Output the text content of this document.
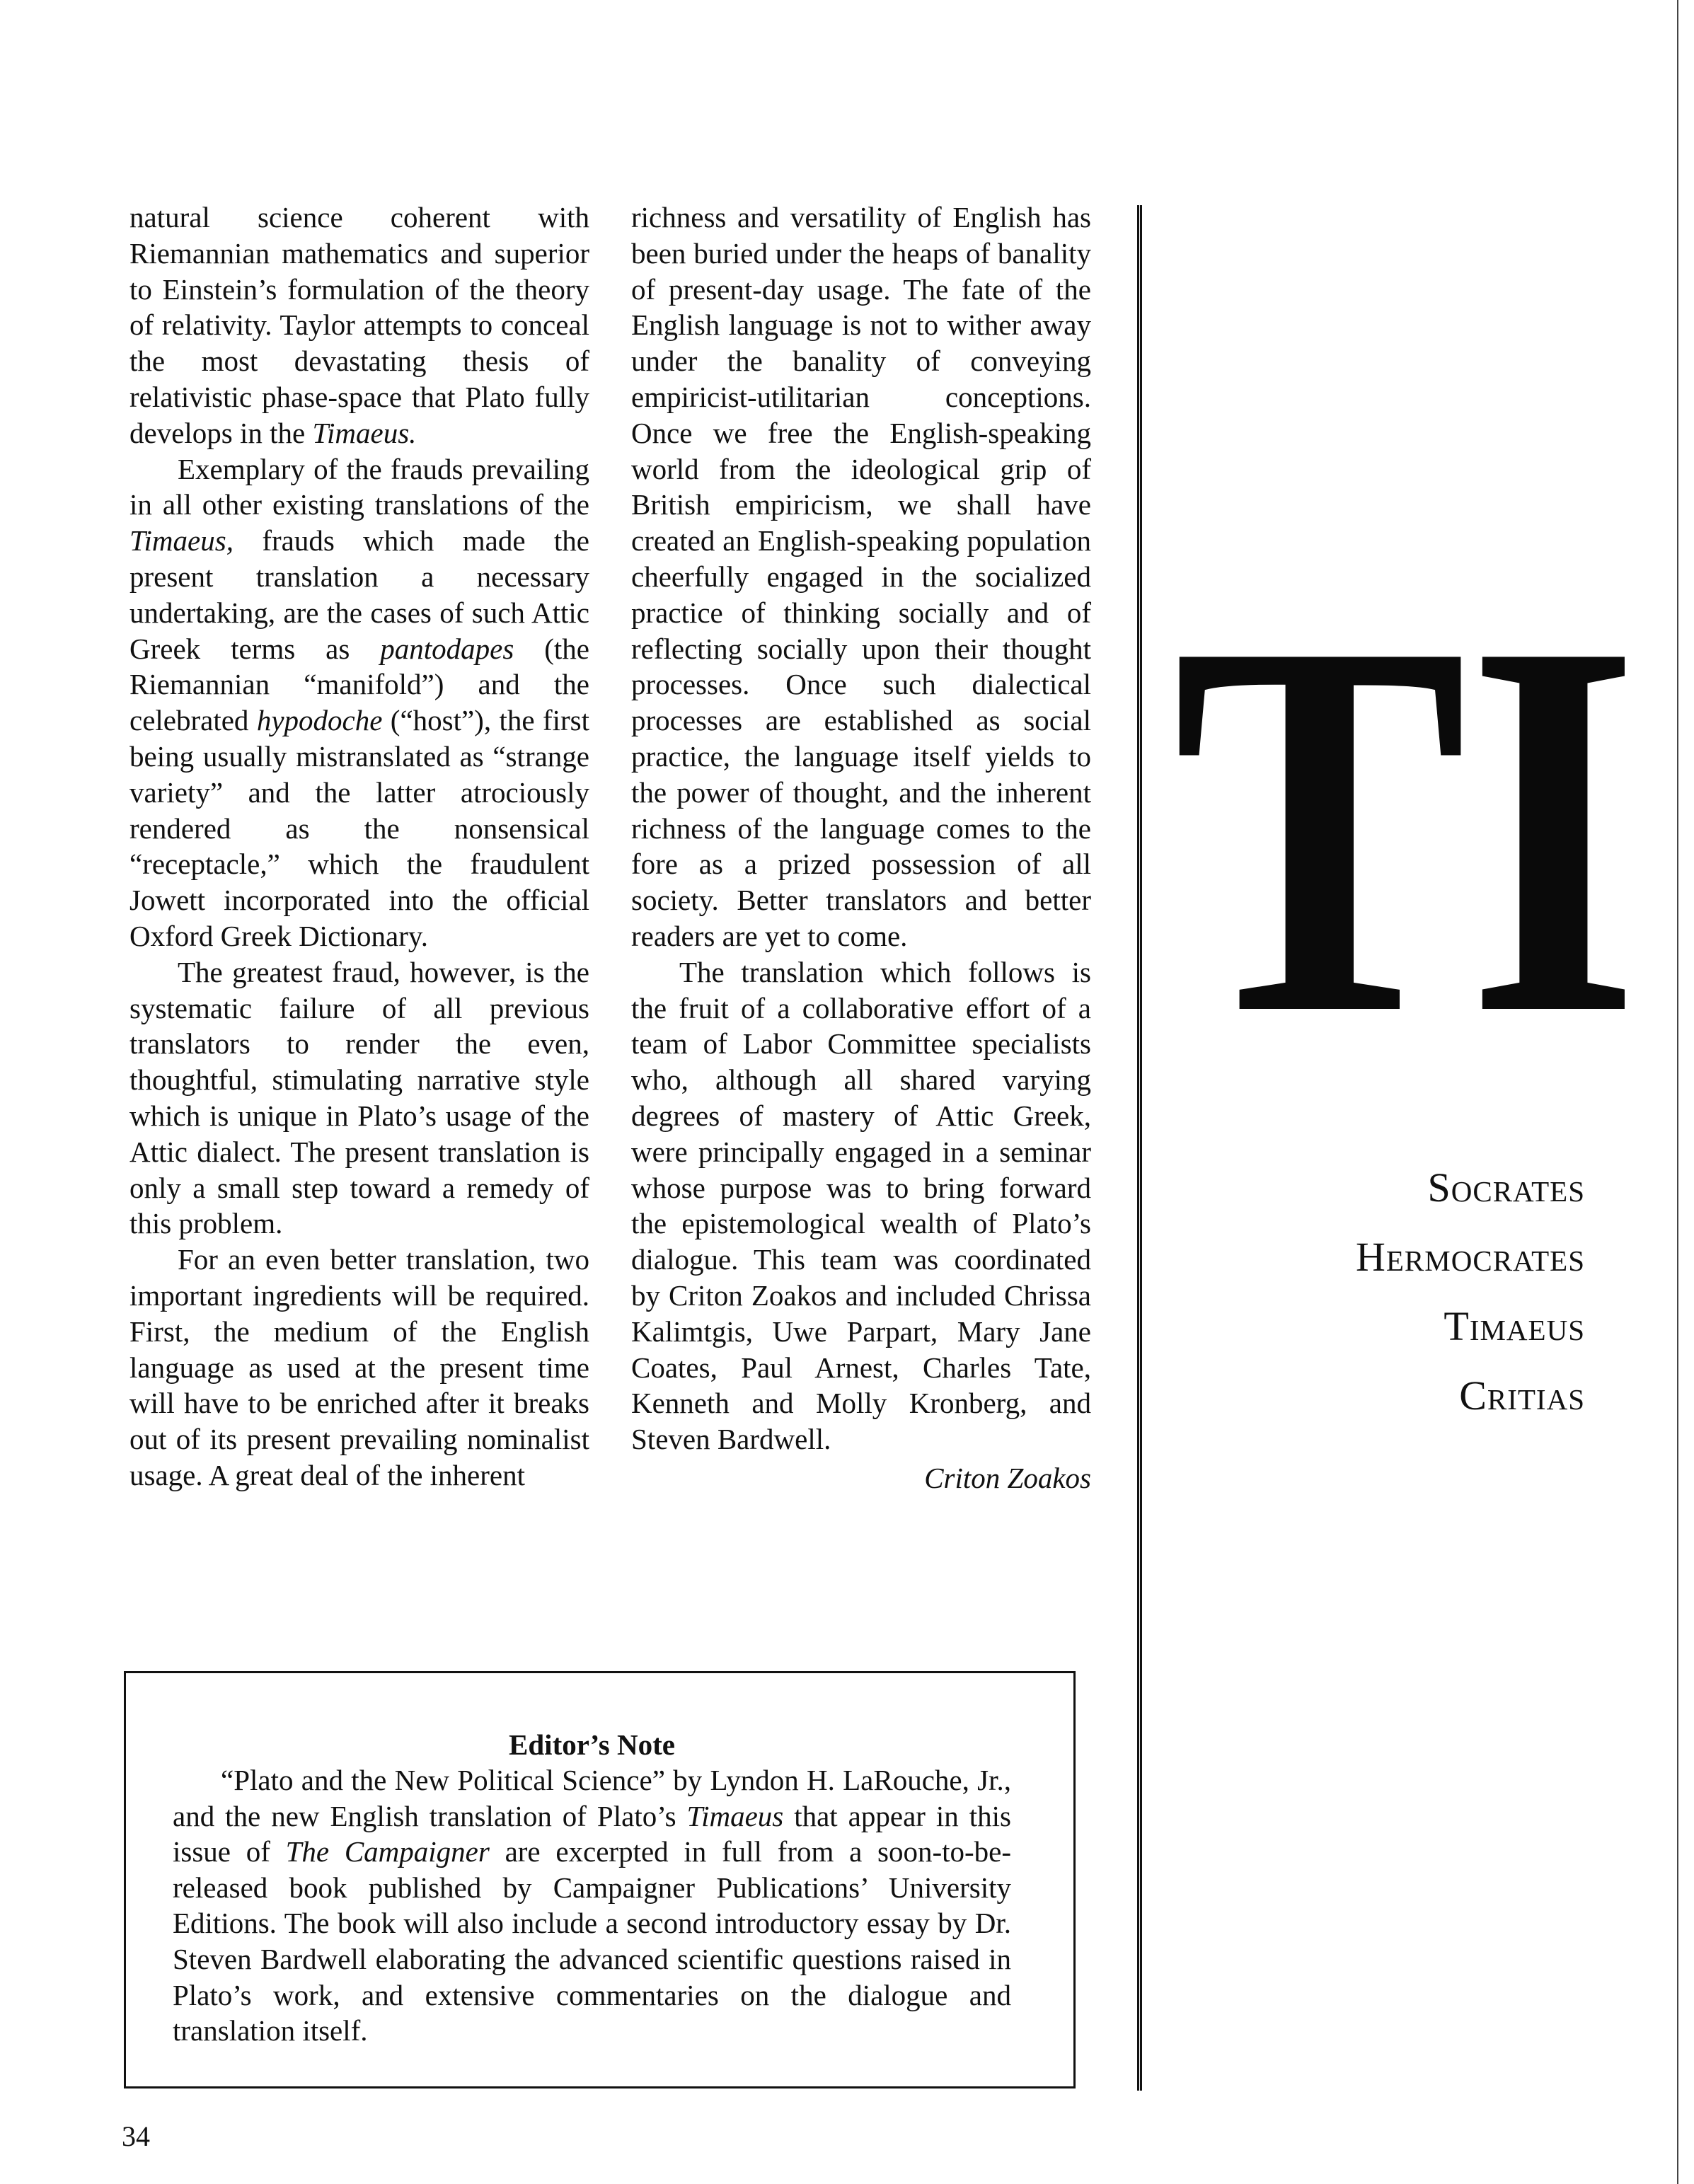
natural science coherent with Riemannian mathematics and superior to Einstein’s formulation of the theory of relativity. Taylor attempts to conceal the most devastating thesis of relativistic phase-space that Plato fully develops in the Timaeus.

Exemplary of the frauds prevailing in all other existing translations of the Timaeus, frauds which made the present translation a necessary undertaking, are the cases of such Attic Greek terms as pantodapes (the Riemannian “manifold”) and the celebrated hypodoche (“host”), the first being usually mistranslated as “strange variety” and the latter atrociously rendered as the nonsensical “receptacle,” which the fraudulent Jowett incorporated into the official Oxford Greek Dictionary.

The greatest fraud, however, is the systematic failure of all previous translators to render the even, thoughtful, stimulating narrative style which is unique in Plato’s usage of the Attic dialect. The present translation is only a small step toward a remedy of this problem.

For an even better translation, two important ingredients will be required. First, the medium of the English language as used at the present time will have to be enriched after it breaks out of its present prevailing nominalist usage. A great deal of the inherent

richness and versatility of English has been buried under the heaps of banality of present-day usage. The fate of the English language is not to wither away under the banality of conveying empiricist-utilitarian conceptions. Once we free the English-speaking world from the ideological grip of British empiricism, we shall have created an English-speaking population cheerfully engaged in the socialized practice of thinking socially and of reflecting socially upon their thought processes. Once such dialectical processes are established as social practice, the language itself yields to the power of thought, and the inherent richness of the language comes to the fore as a prized possession of all society. Better translators and better readers are yet to come.

The translation which follows is the fruit of a collaborative effort of a team of Labor Committee specialists who, although all shared varying degrees of mastery of Attic Greek, were principally engaged in a seminar whose purpose was to bring forward the epistemological wealth of Plato’s dialogue. This team was coordinated by Criton Zoakos and included Chrissa Kalimtgis, Uwe Parpart, Mary Jane Coates, Paul Arnest, Charles Tate, Kenneth and Molly Kronberg, and Steven Bardwell.

Criton Zoakos
TI
Socrates
Hermocrates
Timaeus
Critias

Editor’s Note

“Plato and the New Political Science” by Lyndon H. LaRouche, Jr., and the new English translation of Plato’s Timaeus that appear in this issue of The Campaigner are excerpted in full from a soon-to-be-released book published by Campaigner Publications’ University Editions. The book will also include a second introductory essay by Dr. Steven Bardwell elaborating the advanced scientific questions raised in Plato’s work, and extensive commentaries on the dialogue and translation itself.

34
